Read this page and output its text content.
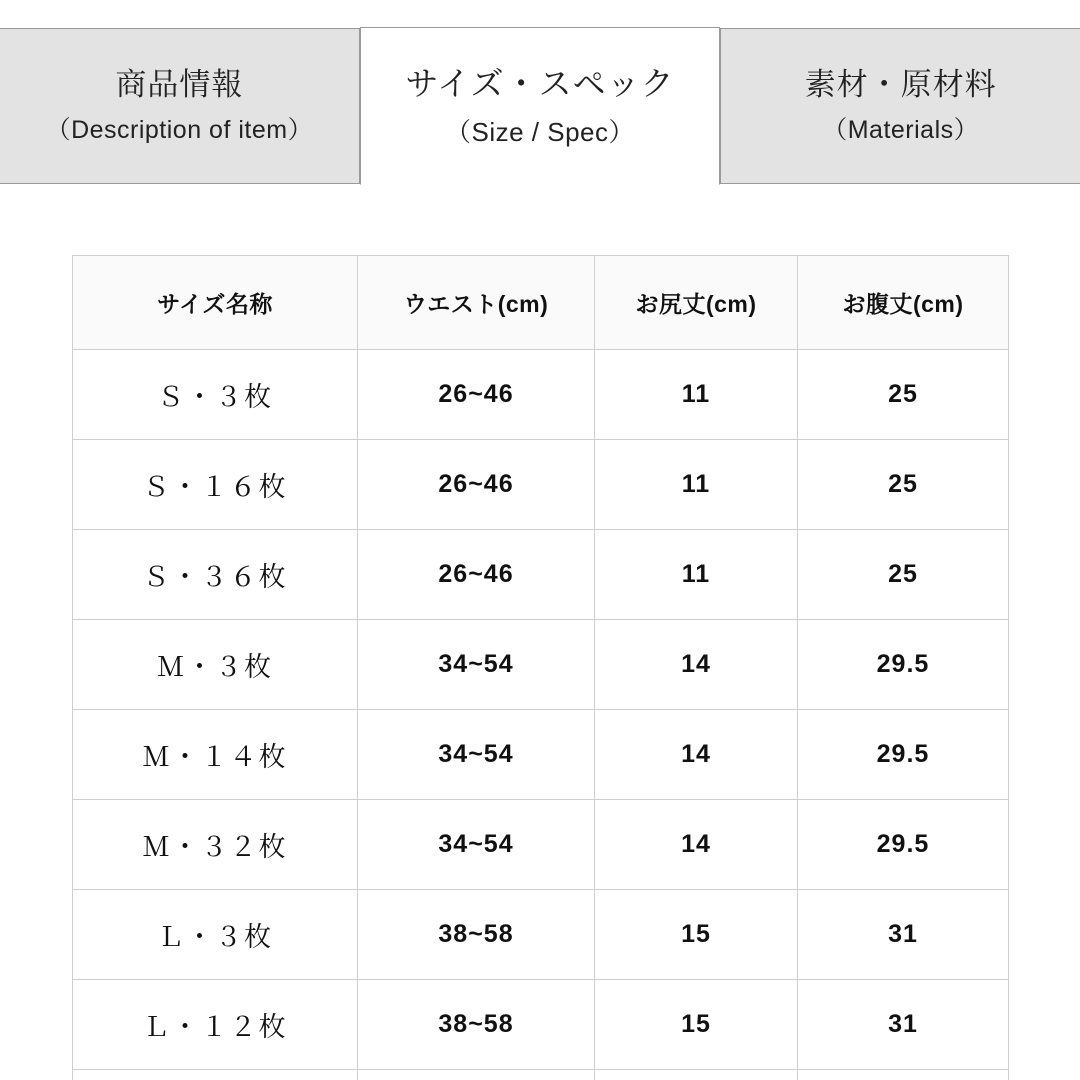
商品情報
（Description of item）
サイズ・スペック
（Size / Spec）
素材・原材料
（Materials）
サイズ名称	ウエスト(cm)	お尻丈(cm)	お腹丈(cm)
Ｓ・３枚	26~46	11	25
Ｓ・１６枚	26~46	11	25
Ｓ・３６枚	26~46	11	25
Ｍ・３枚	34~54	14	29.5
Ｍ・１４枚	34~54	14	29.5
Ｍ・３２枚	34~54	14	29.5
Ｌ・３枚	38~58	15	31
Ｌ・１２枚	38~58	15	31
